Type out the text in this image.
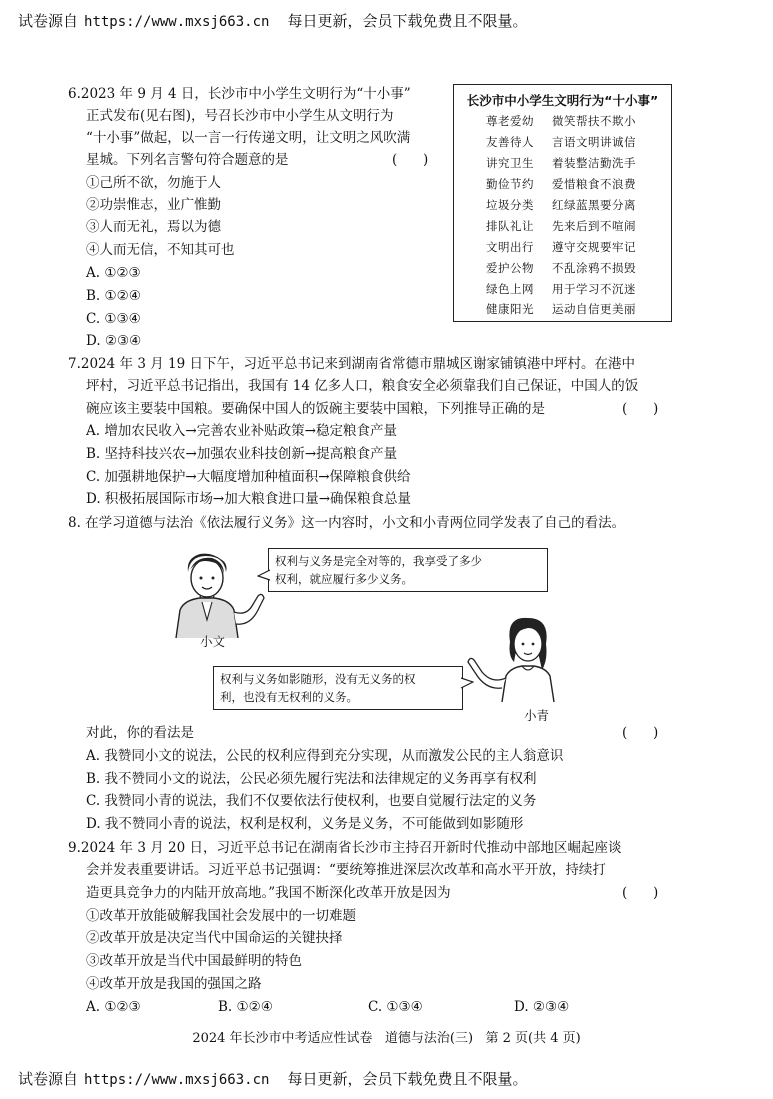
试卷源自 https://www.mxsj663.cn 每日更新，会员下载免费且不限量。
6.2023 年 9 月 4 日，长沙市中小学生文明行为“十小事”
正式发布(见右图)，号召长沙市中小学生从文明行为
“十小事”做起，以一言一行传递文明，让文明之风吹满
星城。下列名言警句符合题意的是	(      )
①己所不欲，勿施于人
②功崇惟志，业广惟勤
③人而无礼，焉以为德
④人而无信，不知其可也
A. ①②③
B. ①②④
C. ①③④
D. ②③④
长沙市中小学生文明行为“十小事”
尊老爱幼 微笑帮扶不欺小
友善待人 言语文明讲诚信
讲究卫生 着装整洁勤洗手
勤俭节约 爱惜粮食不浪费
垃圾分类 红绿蓝黑要分离
排队礼让 先来后到不喧闹
文明出行 遵守交规要牢记
爱护公物 不乱涂鸦不损毁
绿色上网 用于学习不沉迷
健康阳光 运动自信更美丽
7.2024 年 3 月 19 日下午，习近平总书记来到湖南省常德市鼎城区谢家铺镇港中坪村。在港中
坪村，习近平总书记指出，我国有 14 亿多人口，粮食安全必须靠我们自己保证，中国人的饭
碗应该主要装中国粮。要确保中国人的饭碗主要装中国粮，下列推导正确的是	(      )
A. 增加农民收入→完善农业补贴政策→稳定粮食产量
B. 坚持科技兴农→加强农业科技创新→提高粮食产量
C. 加强耕地保护→大幅度增加种植面积→保障粮食供给
D. 积极拓展国际市场→加大粮食进口量→确保粮食总量
8. 在学习道德与法治《依法履行义务》这一内容时，小文和小青两位同学发表了自己的看法。
小文
权利与义务是完全对等的，我享受了多少
权利，就应履行多少义务。
小青
权利与义务如影随形，没有无义务的权
利，也没有无权利的义务。
对此，你的看法是	(      )
A. 我赞同小文的说法，公民的权利应得到充分实现，从而激发公民的主人翁意识
B. 我不赞同小文的说法，公民必须先履行宪法和法律规定的义务再享有权利
C. 我赞同小青的说法，我们不仅要依法行使权利，也要自觉履行法定的义务
D. 我不赞同小青的说法，权利是权利，义务是义务，不可能做到如影随形
9.2024 年 3 月 20 日，习近平总书记在湖南省长沙市主持召开新时代推动中部地区崛起座谈
会并发表重要讲话。习近平总书记强调：“要统筹推进深层次改革和高水平开放，持续打
造更具竞争力的内陆开放高地。”我国不断深化改革开放是因为	(      )
①改革开放能破解我国社会发展中的一切难题
②改革开放是决定当代中国命运的关键抉择
③改革开放是当代中国最鲜明的特色
④改革开放是我国的强国之路
A. ①②③	B. ①②④	C. ①③④	D. ②③④
2024 年长沙市中考适应性试卷   道德与法治(三)   第 2 页(共 4 页)
试卷源自 https://www.mxsj663.cn 每日更新，会员下载免费且不限量。
